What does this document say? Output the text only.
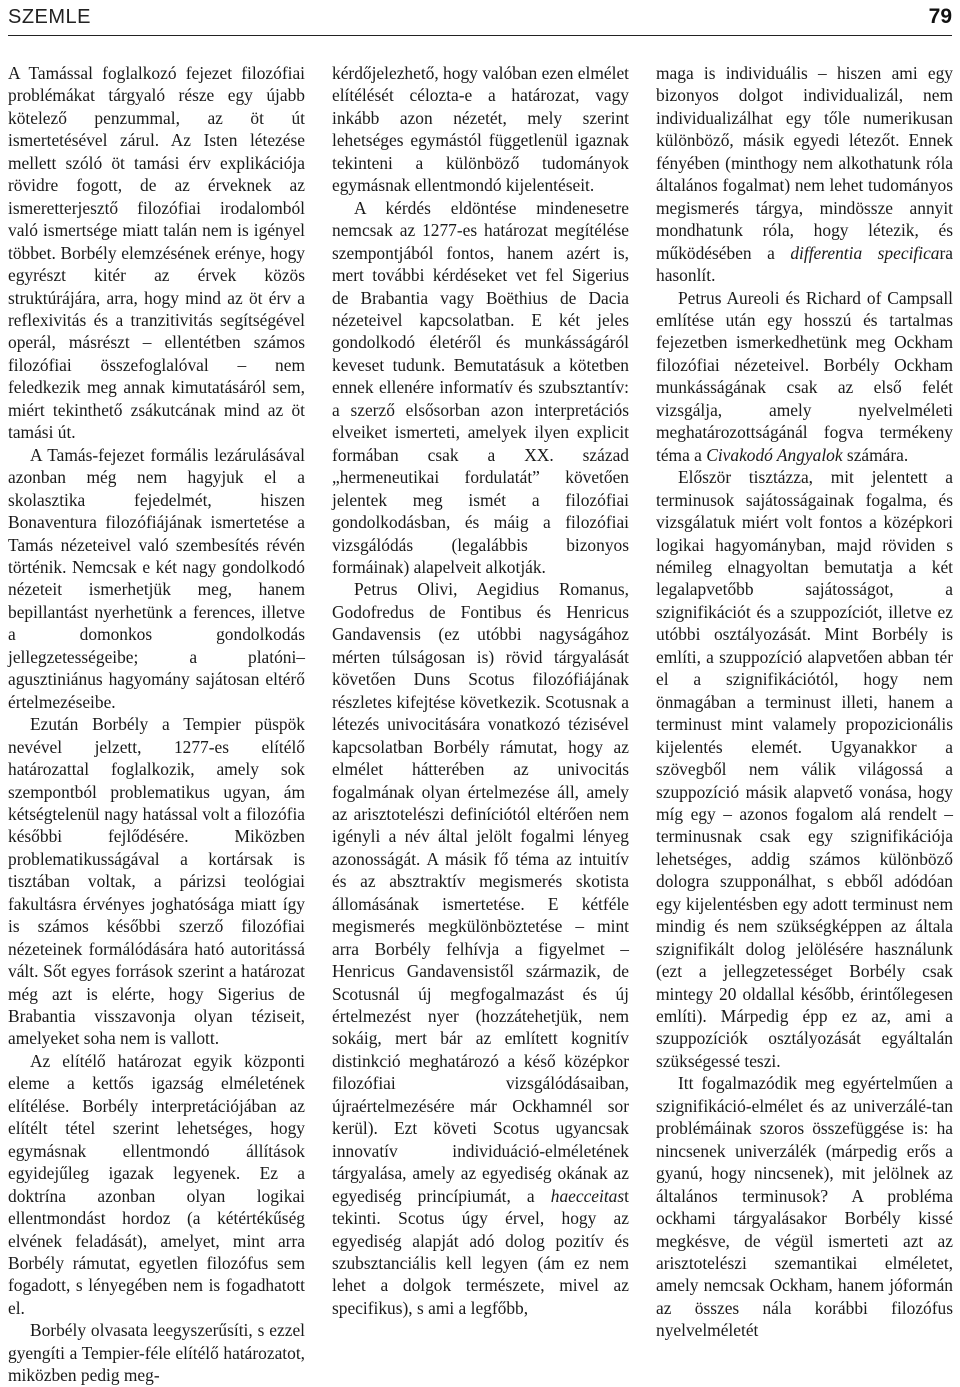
SZEMLE	79

A Tamással foglalkozó fejezet filozófiai problémákat tárgyaló része egy újabb kötelező penzummal, az öt út ismertetésével zárul. Az Isten létezése mellett szóló öt tamási érv explikációja rövidre fogott, de az érveknek az ismeretterjesztő filozófiai irodalomból való ismertsége miatt talán nem is igényel többet. Borbély elemzésének erénye, hogy egyrészt kitér az érvek közös struktúrájára, arra, hogy mind az öt érv a reflexivitás és a tranzitivitás segítségével operál, másrészt – ellentétben számos filozófiai összefoglalóval – nem feledkezik meg annak kimutatásáról sem, miért tekinthető zsákutcának mind az öt tamási út.

A Tamás-fejezet formális lezárulásával azonban még nem hagyjuk el a skolasztika fejedelmét, hiszen Bonaventura filozófiájának ismertetése a Tamás nézeteivel való szembesítés révén történik. Nemcsak e két nagy gondolkodó nézeteit ismerhetjük meg, hanem bepillantást nyerhetünk a ferences, illetve a domonkos gondolkodás jellegzetességeibe; a platóni–agusztiniánus hagyomány sajátosan eltérő értelmezéseibe.

Ezután Borbély a Tempier püspök nevével jelzett, 1277-es elítélő határozattal foglalkozik, amely sok szempontból problematikus ugyan, ám kétségtelenül nagy hatással volt a filozófia későbbi fejlődésére. Miközben problematikusságával a kortársak is tisztában voltak, a párizsi teológiai fakultásra érvényes joghatósága miatt így is számos későbbi szerző filozófiai nézeteinek formálódására ható autoritássá vált. Sőt egyes források szerint a határozat még azt is elérte, hogy Sigerius de Brabantia visszavonja olyan téziseit, amelyeket soha nem is vallott.

Az elítélő határozat egyik központi eleme a kettős igazság elméletének elítélése. Borbély interpretációjában az elítélt tétel szerint lehetséges, hogy egymásnak ellentmondó állítások egyidejűleg igazak legyenek. Ez a doktrína azonban olyan logikai ellentmondást hordoz (a kétértékűség elvének feladását), amelyet, mint arra Borbély rámutat, egyetlen filozófus sem fogadott, s lényegében nem is fogadhatott el.

Borbély olvasata leegyszerűsíti, s ezzel gyengíti a Tempier-féle elítélő határozatot, miközben pedig meg-

kérdőjelezhető, hogy valóban ezen elmélet elítélését célozta-e a határozat, vagy inkább azon nézetét, mely szerint lehetséges egymástól függetlenül igaznak tekinteni a különböző tudományok egymásnak ellentmondó kijelentéseit.

A kérdés eldöntése mindenesetre nemcsak az 1277-es határozat megítélése szempontjából fontos, hanem azért is, mert további kérdéseket vet fel Sigerius de Brabantia vagy Boëthius de Dacia nézeteivel kapcsolatban. E két jeles gondolkodó életéről és munkásságáról keveset tudunk. Bemutatásuk a kötetben ennek ellenére informatív és szubsztantív: a szerző elsősorban azon interpretációs elveiket ismerteti, amelyek ilyen explicit formában csak a XX. század „hermeneutikai fordulatát” követően jelentek meg ismét a filozófiai gondolkodásban, és máig a filozófiai vizsgálódás (legalábbis bizonyos formáinak) alapelveit alkotják.

Petrus Olivi, Aegidius Romanus, Godofredus de Fontibus és Henricus Gandavensis (ez utóbbi nagyságához mérten túlságosan is) rövid tárgyalását követően Duns Scotus filozófiájának részletes kifejtése következik. Scotusnak a létezés univocitására vonatkozó tézisével kapcsolatban Borbély rámutat, hogy az elmélet hátterében az univocitás fogalmának olyan értelmezése áll, amely az arisztotelészi definíciótól eltérően nem igényli a név által jelölt fogalmi lényeg azonosságát. A másik fő téma az intuitív és az absztraktív megismerés skotista állomásának ismertetése. E kétféle megismerés megkülönböztetése – mint arra Borbély felhívja a figyelmet – Henricus Gandavensistől származik, de Scotusnál új megfogalmazást és új értelmezést nyer (hozzátehetjük, nem sokáig, mert bár az említett kognitív distinkció meghatározó a késő középkor filozófiai vizsgálódásaiban, újraértelmezésére már Ockhamnél sor kerül). Ezt követi Scotus ugyancsak innovatív individuáció-elméletének tárgyalása, amely az egyediség okának az egyediség princípiumát, a haecceitast tekinti. Scotus úgy érvel, hogy az egyediség alapját adó dolog pozitív és szubsztanciális kell legyen (ám ez nem lehet a dolgok természete, mivel az specifikus), s ami a legfőbb,

maga is individuális – hiszen ami egy bizonyos dolgot individualizál, nem individualizálhat egy tőle numerikusan különböző, másik egyedi létezőt. Ennek fényében (minthogy nem alkothatunk róla általános fogalmat) nem lehet tudományos megismerés tárgya, mindössze annyit mondhatunk róla, hogy létezik, és működésében a differentia specificara hasonlít.

Petrus Aureoli és Richard of Campsall említése után egy hosszú és tartalmas fejezetben ismerkedhetünk meg Ockham filozófiai nézeteivel. Borbély Ockham munkásságának csak az első felét vizsgálja, amely nyelvelméleti meghatározottságánál fogva termékeny téma a Civakodó Angyalok számára.

Először tisztázza, mit jelentett a terminusok sajátosságainak fogalma, és vizsgálatuk miért volt fontos a középkori logikai hagyományban, majd röviden s némileg elnagyoltan bemutatja a két legalapvetőbb sajátosságot, a szignifikációt és a szuppozíciót, illetve ez utóbbi osztályozását. Mint Borbély is említi, a szuppozíció alapvetően abban tér el a szignifikációtól, hogy nem önmagában a terminust illeti, hanem a terminust mint valamely propozicionális kijelentés elemét. Ugyanakkor a szövegből nem válik világossá a szuppozíció másik alapvető vonása, hogy míg egy – azonos fogalom alá rendelt – terminusnak csak egy szignifikációja lehetséges, addig számos különböző dologra szupponálhat, s ebből adódóan egy kijelentésben egy adott terminust nem mindig és nem szükségképpen az általa szignifikált dolog jelölésére használunk (ezt a jellegzetességet Borbély csak mintegy 20 oldallal később, érintőlegesen említi). Márpedig épp ez az, ami a szuppozíciók osztályozását egyáltalán szükségessé teszi.

Itt fogalmazódik meg egyértelműen a szignifikáció-elmélet és az univerzálé-tan problémáinak szoros összefüggése is: ha nincsenek univerzálék (márpedig erős a gyanú, hogy nincsenek), mit jelölnek az általános terminusok? A probléma ockhami tárgyalásakor Borbély kissé megkésve, de végül ismerteti azt az arisztotelészi szemantikai elméletet, amely nemcsak Ockham, hanem jóformán az összes nála korábbi filozófus nyelvelméletét
